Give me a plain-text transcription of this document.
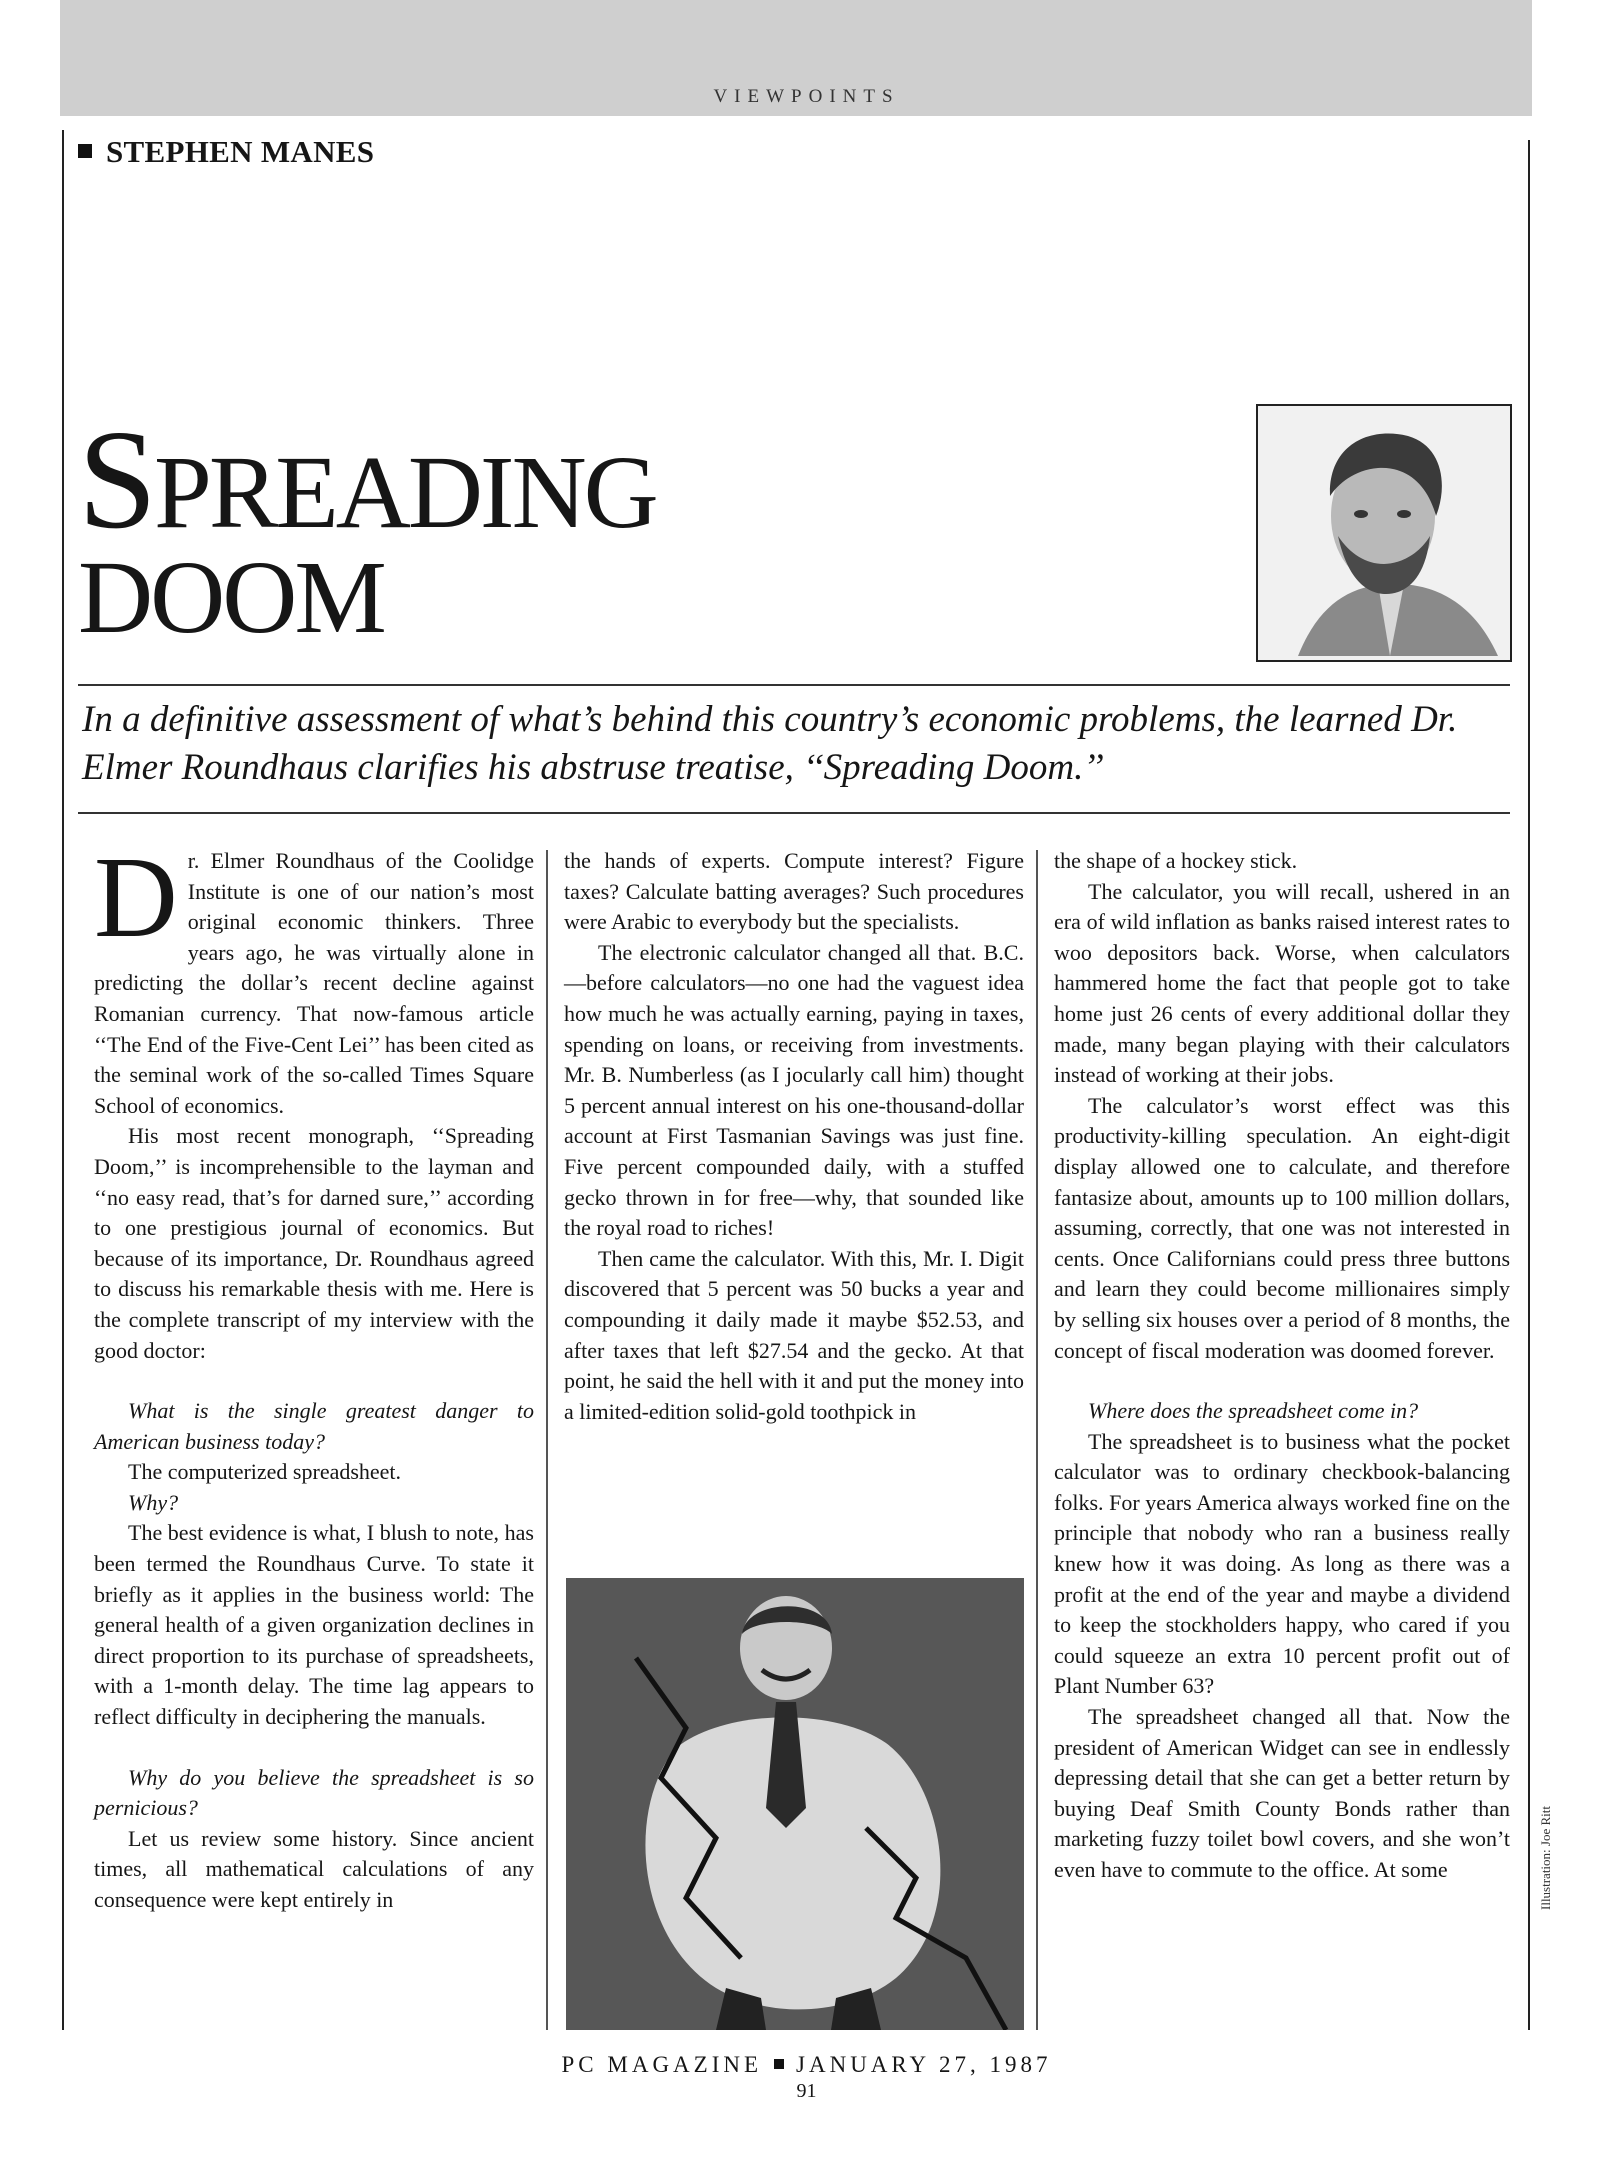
VIEWPOINTS
STEPHEN MANES
SPREADING
DOOM
In a definitive assessment of what’s behind this country’s economic problems, the learned Dr. Elmer Roundhaus clarifies his abstruse treatise, ‘‘Spreading Doom.’’

Dr. Elmer Roundhaus of the Coolidge Institute is one of our nation’s most original economic thinkers. Three years ago, he was virtually alone in predicting the dollar’s recent decline against Romanian currency. That now-famous article ‘‘The End of the Five-Cent Lei’’ has been cited as the seminal work of the so-called Times Square School of economics.

His most recent monograph, ‘‘Spreading Doom,’’ is incomprehensible to the layman and ‘‘no easy read, that’s for darned sure,’’ according to one prestigious journal of economics. But because of its importance, Dr. Roundhaus agreed to discuss his remarkable thesis with me. Here is the complete transcript of my interview with the good doctor:

What is the single greatest danger to American business today?

The computerized spreadsheet.

Why?

The best evidence is what, I blush to note, has been termed the Roundhaus Curve. To state it briefly as it applies in the business world: The general health of a given organization declines in direct proportion to its purchase of spreadsheets, with a 1-month delay. The time lag appears to reflect difficulty in deciphering the manuals.

Why do you believe the spreadsheet is so pernicious?

Let us review some history. Since ancient times, all mathematical calculations of any consequence were kept entirely in

the hands of experts. Compute interest? Figure taxes? Calculate batting averages? Such procedures were Arabic to everybody but the specialists.

The electronic calculator changed all that. B.C.—before calculators—no one had the vaguest idea how much he was actually earning, paying in taxes, spending on loans, or receiving from investments. Mr. B. Numberless (as I jocularly call him) thought 5 percent annual interest on his one-thousand-dollar account at First Tasmanian Savings was just fine. Five percent compounded daily, with a stuffed gecko thrown in for free—why, that sounded like the royal road to riches!

Then came the calculator. With this, Mr. I. Digit discovered that 5 percent was 50 bucks a year and compounding it daily made it maybe $52.53, and after taxes that left $27.54 and the gecko. At that point, he said the hell with it and put the money into a limited-edition solid-gold toothpick in

the shape of a hockey stick.

The calculator, you will recall, ushered in an era of wild inflation as banks raised interest rates to woo depositors back. Worse, when calculators hammered home the fact that people got to take home just 26 cents of every additional dollar they made, many began playing with their calculators instead of working at their jobs.

The calculator’s worst effect was this productivity-killing speculation. An eight-digit display allowed one to calculate, and therefore fantasize about, amounts up to 100 million dollars, assuming, correctly, that one was not interested in cents. Once Californians could press three buttons and learn they could become millionaires simply by selling six houses over a period of 8 months, the concept of fiscal moderation was doomed forever.

Where does the spreadsheet come in?

The spreadsheet is to business what the pocket calculator was to ordinary checkbook-balancing folks. For years America always worked fine on the principle that nobody who ran a business really knew how it was doing. As long as there was a profit at the end of the year and maybe a dividend to keep the stockholders happy, who cared if you could squeeze an extra 10 percent profit out of Plant Number 63?

The spreadsheet changed all that. Now the president of American Widget can see in endlessly depressing detail that she can get a better return by buying Deaf Smith County Bonds rather than marketing fuzzy toilet bowl covers, and she won’t even have to commute to the office. At some	Illustration: Joe Ritt
PC MAGAZINE JANUARY 27, 1987
91
